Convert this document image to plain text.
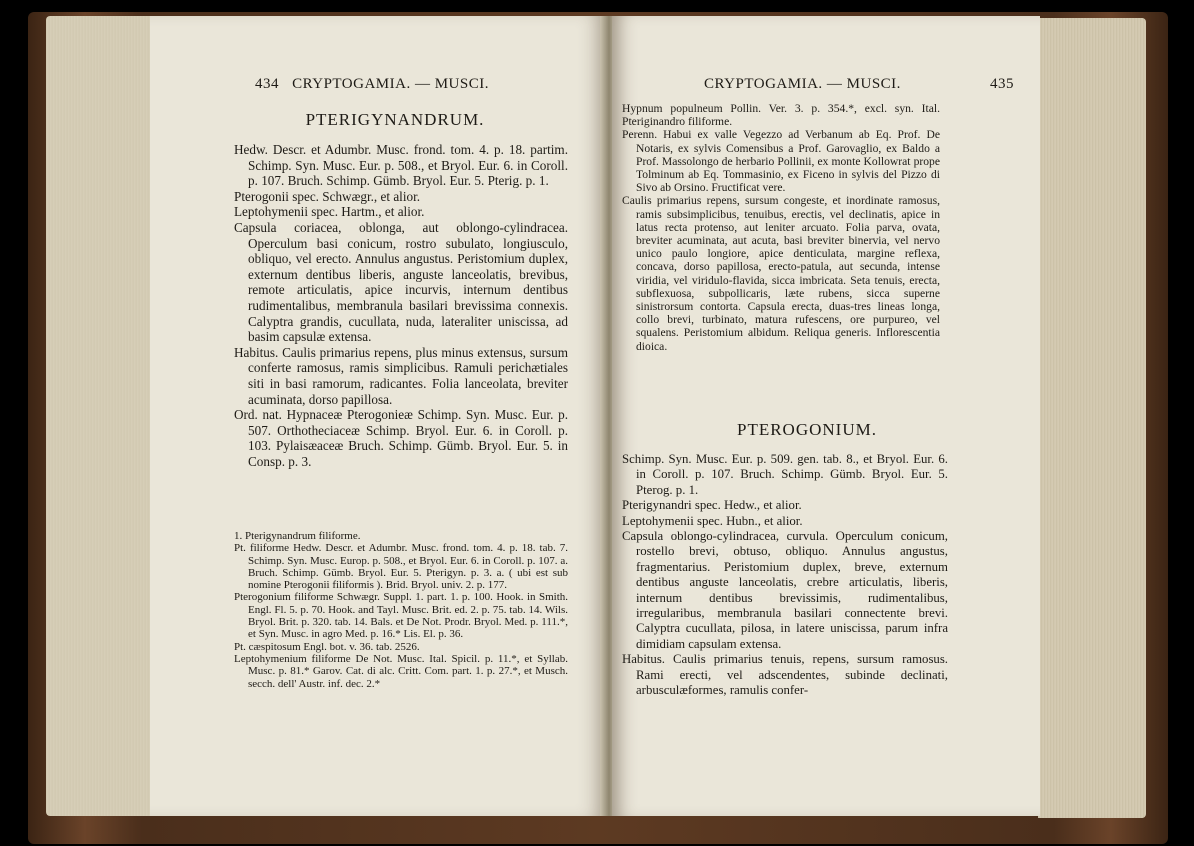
434 CRYPTOGAMIA. — MUSCI.
PTERIGYNANDRUM.

Hedw. Descr. et Adumbr. Musc. frond. tom. 4. p. 18. partim. Schimp. Syn. Musc. Eur. p. 508., et Bryol. Eur. 6. in Coroll. p. 107. Bruch. Schimp. Gümb. Bryol. Eur. 5. Pterig. p. 1.

Pterogonii spec. Schwægr., et alior.

Leptohymenii spec. Hartm., et alior.

Capsula coriacea, oblonga, aut oblongo-cylindracea. Operculum basi conicum, rostro subulato, longiusculo, obliquo, vel erecto. Annulus angustus. Peristomium duplex, externum dentibus liberis, anguste lanceolatis, brevibus, remote articulatis, apice incurvis, internum dentibus rudimentalibus, membranula basilari brevissima connexis. Calyptra grandis, cucullata, nuda, lateraliter uniscissa, ad basim capsulæ extensa.

Habitus. Caulis primarius repens, plus minus extensus, sursum conferte ramosus, ramis simplicibus. Ramuli perichætiales siti in basi ramorum, radicantes. Folia lanceolata, breviter acuminata, dorso papillosa.

Ord. nat. Hypnaceæ Pterogonieæ Schimp. Syn. Musc. Eur. p. 507. Orthotheciaceæ Schimp. Bryol. Eur. 6. in Coroll. p. 103. Pylaisæaceæ Bruch. Schimp. Gümb. Bryol. Eur. 5. in Consp. p. 3.

1. Pterigynandrum filiforme.

Pt. filiforme Hedw. Descr. et Adumbr. Musc. frond. tom. 4. p. 18. tab. 7. Schimp. Syn. Musc. Europ. p. 508., et Bryol. Eur. 6. in Coroll. p. 107. a. Bruch. Schimp. Gümb. Bryol. Eur. 5. Pterigyn. p. 3. a. ( ubi est sub nomine Pterogonii filiformis ). Brid. Bryol. univ. 2. p. 177.

Pterogonium filiforme Schwægr. Suppl. 1. part. 1. p. 100. Hook. in Smith. Engl. Fl. 5. p. 70. Hook. and Tayl. Musc. Brit. ed. 2. p. 75. tab. 14. Wils. Bryol. Brit. p. 320. tab. 14. Bals. et De Not. Prodr. Bryol. Med. p. 111.*, et Syn. Musc. in agro Med. p. 16.* Lis. El. p. 36.

Pt. cæspitosum Engl. bot. v. 36. tab. 2526.

Leptohymenium filiforme De Not. Musc. Ital. Spicil. p. 11.*, et Syllab. Musc. p. 81.* Garov. Cat. di alc. Critt. Com. part. 1. p. 27.*, et Musch. secch. dell' Austr. inf. dec. 2.*

CRYPTOGAMIA. — MUSCI.	435

Hypnum populneum Pollin. Ver. 3. p. 354.*, excl. syn. Ital. Pteriginandro filiforme.

Perenn. Habui ex valle Vegezzo ad Verbanum ab Eq. Prof. De Notaris, ex sylvis Comensibus a Prof. Garovaglio, ex Baldo a Prof. Massolongo de herbario Pollinii, ex monte Kollowrat prope Tolminum ab Eq. Tommasinio, ex Ficeno in sylvis del Pizzo di Sivo ab Orsino. Fructificat vere.

Caulis primarius repens, sursum congeste, et inordinate ramosus, ramis subsimplicibus, tenuibus, erectis, vel declinatis, apice in latus recta protenso, aut leniter arcuato. Folia parva, ovata, breviter acuminata, aut acuta, basi breviter binervia, vel nervo unico paulo longiore, apice denticulata, margine reflexa, concava, dorso papillosa, erecto-patula, aut secunda, intense viridia, vel viridulo-flavida, sicca imbricata. Seta tenuis, erecta, subflexuosa, subpollicaris, læte rubens, sicca superne sinistrorsum contorta. Capsula erecta, duas-tres lineas longa, collo brevi, turbinato, matura rufescens, ore purpureo, vel squalens. Peristomium albidum. Reliqua generis. Inflorescentia dioica.

PTEROGONIUM.

Schimp. Syn. Musc. Eur. p. 509. gen. tab. 8., et Bryol. Eur. 6. in Coroll. p. 107. Bruch. Schimp. Gümb. Bryol. Eur. 5. Pterog. p. 1.

Pterigynandri spec. Hedw., et alior.

Leptohymenii spec. Hubn., et alior.

Capsula oblongo-cylindracea, curvula. Operculum conicum, rostello brevi, obtuso, obliquo. Annulus angustus, fragmentarius. Peristomium duplex, breve, externum dentibus anguste lanceolatis, crebre articulatis, liberis, internum dentibus brevissimis, rudimentalibus, irregularibus, membranula basilari connectente brevi. Calyptra cucullata, pilosa, in latere uniscissa, parum infra dimidiam capsulam extensa.

Habitus. Caulis primarius tenuis, repens, sursum ramosus. Rami erecti, vel adscendentes, subinde declinati, arbusculæformes, ramulis confer-
